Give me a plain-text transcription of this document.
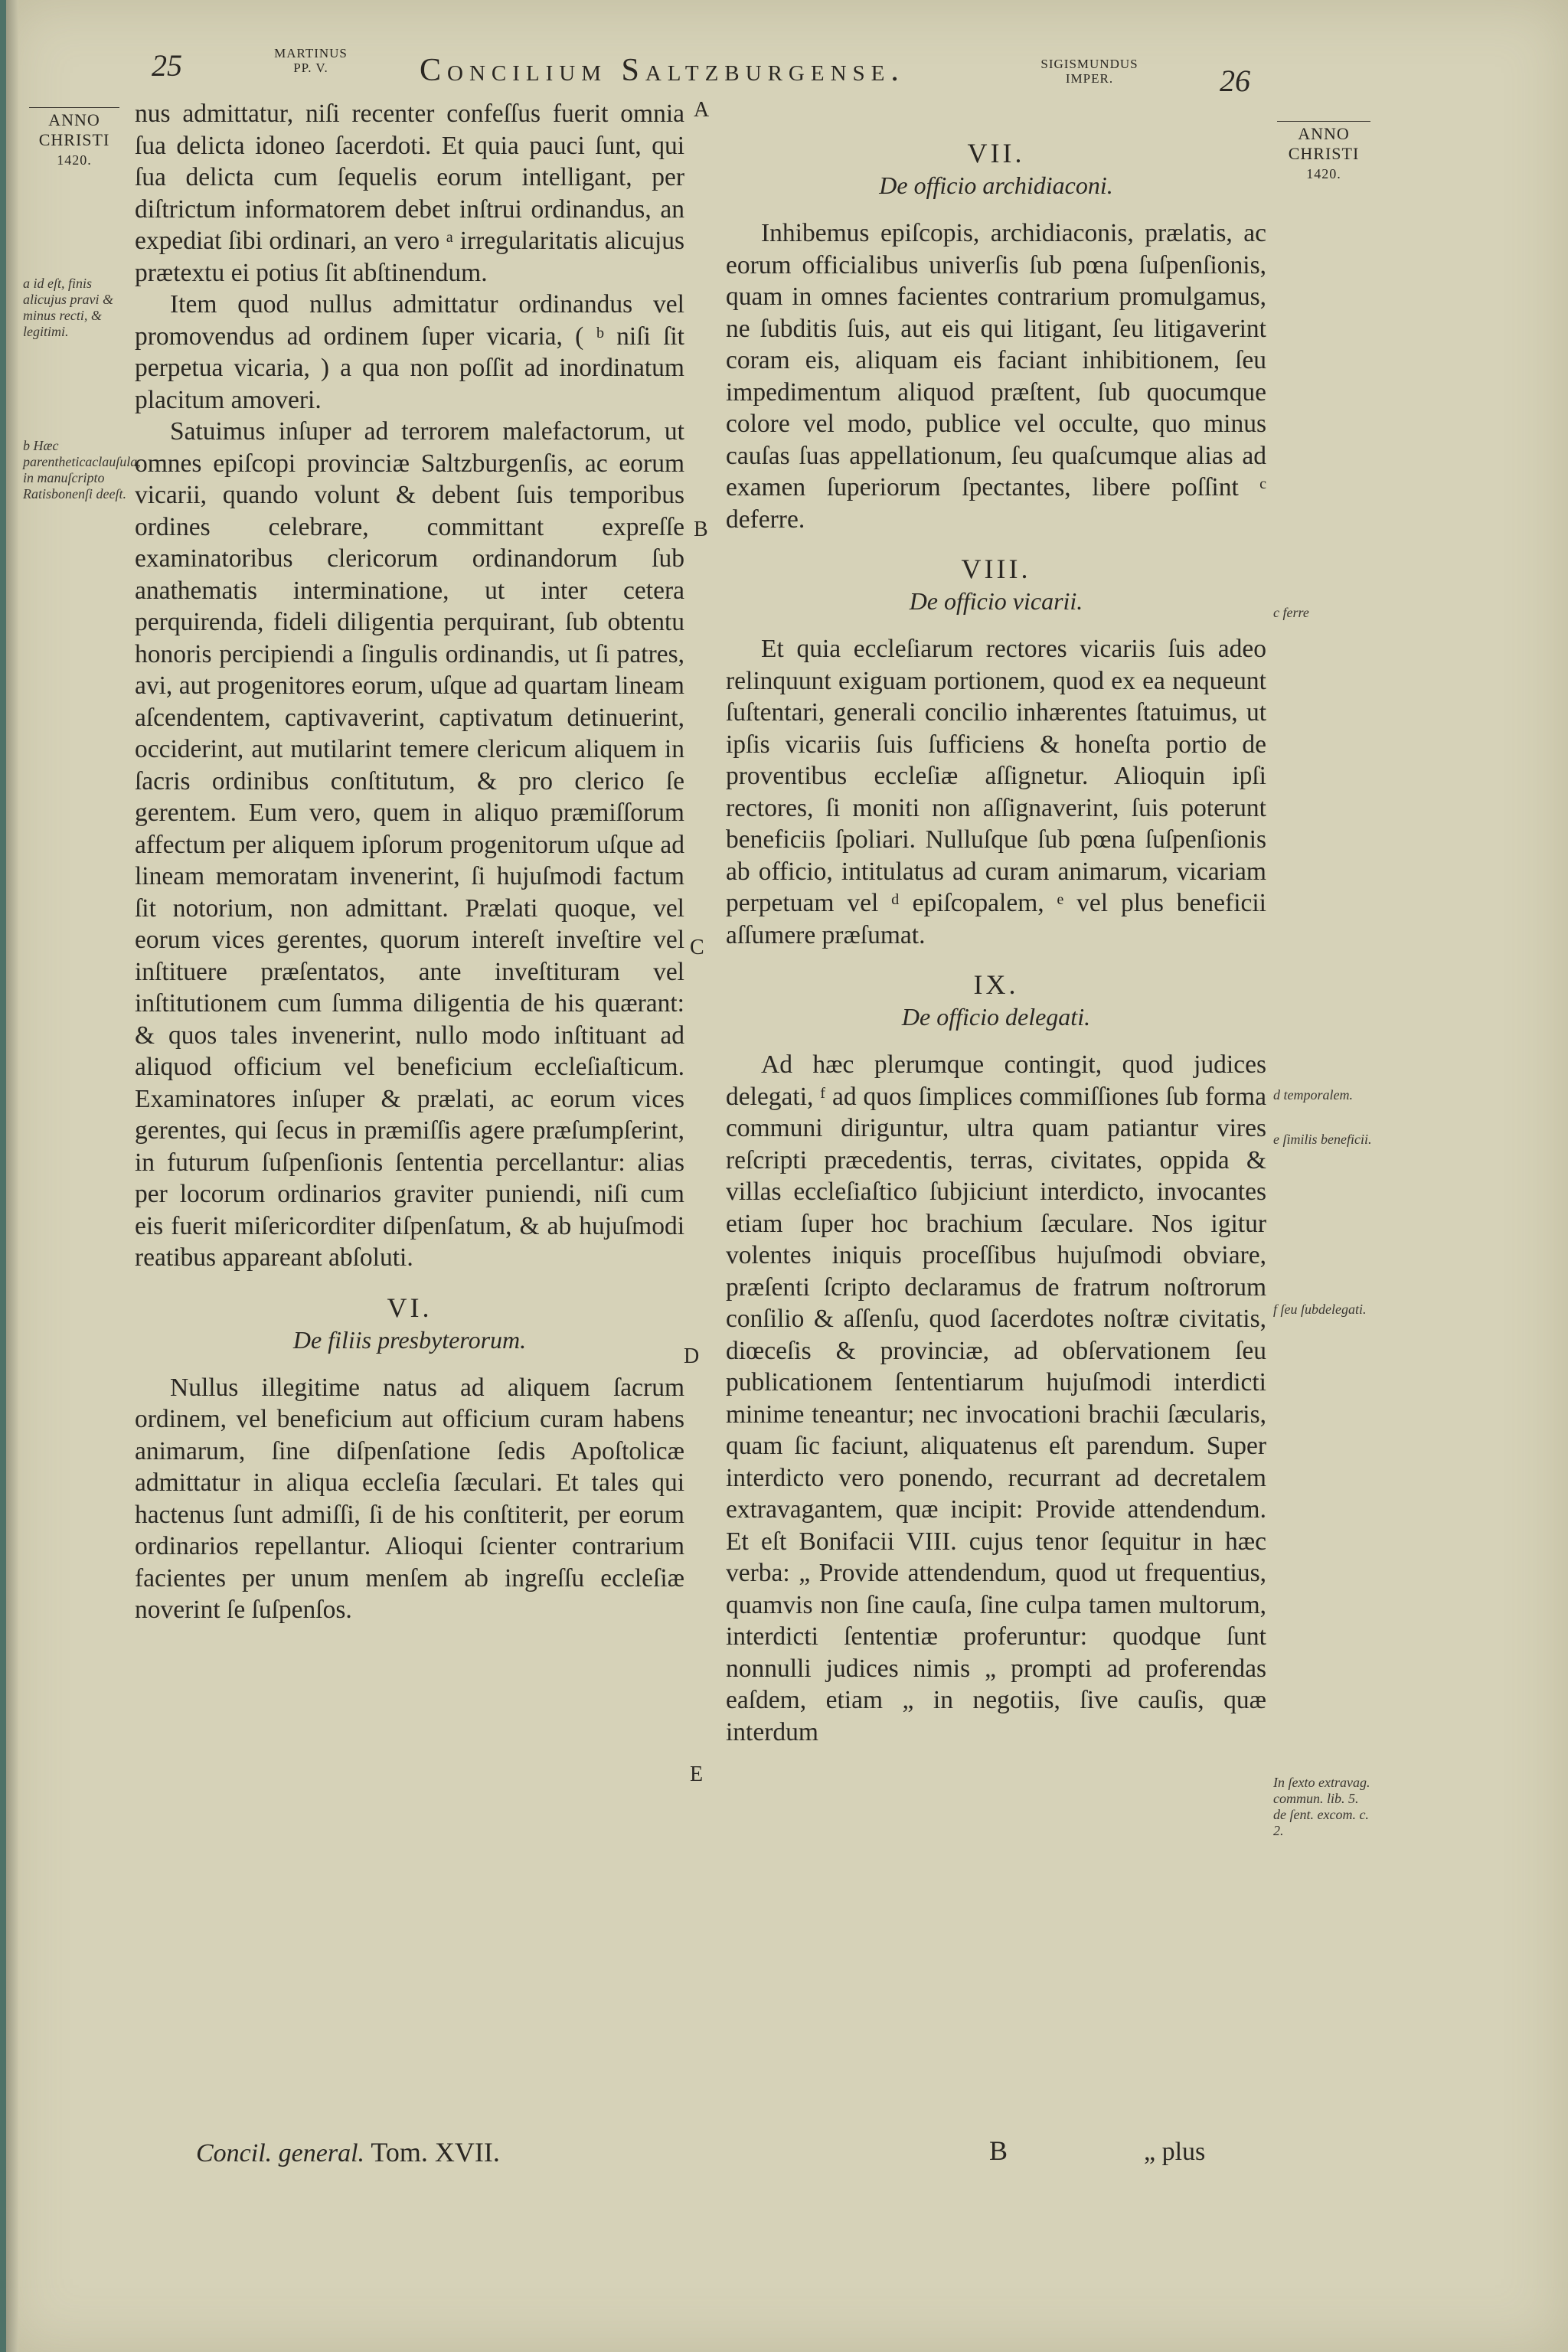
25	MARTINUS
PP. V.	Concilium Saltzburgense.	SIGISMUNDUS
IMPER.	26
ANNO
CHRISTI
1420.
ANNO
CHRISTI
1420.
a id eſt, finis alicujus pravi & minus recti, & legitimi.
b Hæc parentheticaclauſula, in manuſcripto Ratisbonenſi deeſt.
c ferre
d temporalem.
e ſimilis beneficii.
f ſeu ſubdelegati.
In ſexto extravag. commun. lib. 5. de ſent. excom. c. 2.
A
B
C
D
E

nus admittatur, niſi recenter confeſſus fuerit omnia ſua delicta idoneo ſacerdoti. Et quia pauci ſunt, qui ſua delicta cum ſequelis eorum intelligant, per diſtrictum informatorem debet inſtrui ordinandus, an expediat ſibi ordinari, an vero ᵃ irregularitatis alicujus prætextu ei potius ſit abſtinendum.

Item quod nullus admittatur ordinandus vel promovendus ad ordinem ſuper vicaria, ( ᵇ niſi ſit perpetua vicaria, ) a qua non poſſit ad inordinatum placitum amoveri.

Satuimus inſuper ad terrorem malefactorum, ut omnes epiſcopi provinciæ Saltzburgenſis, ac eorum vicarii, quando volunt & debent ſuis temporibus ordines celebrare, committant expreſſe examinatoribus clericorum ordinandorum ſub anathematis interminatione, ut inter cetera perquirenda, fideli diligentia perquirant, ſub obtentu honoris percipiendi a ſingulis ordinandis, ut ſi patres, avi, aut progenitores eorum, uſque ad quartam lineam aſcendentem, captivaverint, captivatum detinuerint, occiderint, aut mutilarint temere clericum aliquem in ſacris ordinibus conſtitutum, & pro clerico ſe gerentem. Eum vero, quem in aliquo præmiſſorum affectum per aliquem ipſorum progenitorum uſque ad lineam memoratam invenerint, ſi hujuſmodi factum ſit notorium, non admittant. Prælati quoque, vel eorum vices gerentes, quorum intereſt inveſtire vel inſtituere præſentatos, ante inveſtituram vel inſtitutionem cum ſumma diligentia de his quærant: & quos tales invenerint, nullo modo inſtituant ad aliquod officium vel beneficium eccleſiaſticum. Examinatores inſuper & prælati, ac eorum vices gerentes, qui ſecus in præmiſſis agere præſumpſerint, in futurum ſuſpenſionis ſententia percellantur: alias per locorum ordinarios graviter puniendi, niſi cum eis fuerit miſericorditer diſpenſatum, & ab hujuſmodi reatibus appareant abſoluti.

VI.
De filiis presbyterorum.

Nullus illegitime natus ad aliquem ſacrum ordinem, vel beneficium aut officium curam habens animarum, ſine diſpenſatione ſedis Apoſtolicæ admittatur in aliqua eccleſia ſæculari. Et tales qui hactenus ſunt admiſſi, ſi de his conſtiterit, per eorum ordinarios repellantur. Alioqui ſcienter contrarium facientes per unum menſem ab ingreſſu eccleſiæ noverint ſe ſuſpenſos.

VII.
De officio archidiaconi.

Inhibemus epiſcopis, archidiaconis, prælatis, ac eorum officialibus univerſis ſub pœna ſuſpenſionis, quam in omnes facientes contrarium promulgamus, ne ſubditis ſuis, aut eis qui litigant, ſeu litigaverint coram eis, aliquam eis faciant inhibitionem, ſeu impedimentum aliquod præſtent, ſub quocumque colore vel modo, publice vel occulte, quo minus cauſas ſuas appellationum, ſeu quaſcumque alias ad examen ſuperiorum ſpectantes, libere poſſint ᶜ deferre.

VIII.
De officio vicarii.

Et quia eccleſiarum rectores vicariis ſuis adeo relinquunt exiguam portionem, quod ex ea nequeunt ſuſtentari, generali concilio inhærentes ſtatuimus, ut ipſis vicariis ſuis ſufficiens & honeſta portio de proventibus eccleſiæ aſſignetur. Alioquin ipſi rectores, ſi moniti non aſſignaverint, ſuis poterunt beneficiis ſpoliari. Nulluſque ſub pœna ſuſpenſionis ab officio, intitulatus ad curam animarum, vicariam perpetuam vel ᵈ epiſcopalem, ᵉ vel plus beneficii aſſumere præſumat.

IX.
De officio delegati.

Ad hæc plerumque contingit, quod judices delegati, ᶠ ad quos ſimplices commiſſiones ſub forma communi diriguntur, ultra quam patiantur vires reſcripti præcedentis, terras, civitates, oppida & villas eccleſiaſtico ſubjiciunt interdicto, invocantes etiam ſuper hoc brachium ſæculare. Nos igitur volentes iniquis proceſſibus hujuſmodi obviare, præſenti ſcripto declaramus de fratrum noſtrorum conſilio & aſſenſu, quod ſacerdotes noſtræ civitatis, diœceſis & provinciæ, ad obſervationem ſeu publicationem ſententiarum hujuſmodi interdicti minime teneantur; nec invocationi brachii ſæcularis, quam ſic faciunt, aliquatenus eſt parendum. Super interdicto vero ponendo, recurrant ad decretalem extravagantem, quæ incipit: Provide attendendum. Et eſt Bonifacii VIII. cujus tenor ſequitur in hæc verba: „ Provide attendendum, quod ut frequentius, quamvis non ſine cauſa, ſine culpa tamen multorum, interdicti ſententiæ proferuntur: quodque ſunt nonnulli judices nimis „ prompti ad proferendas eaſdem, etiam „ in negotiis, ſive cauſis, quæ interdum

Concil. general. Tom. XVII.	B	„ plus
